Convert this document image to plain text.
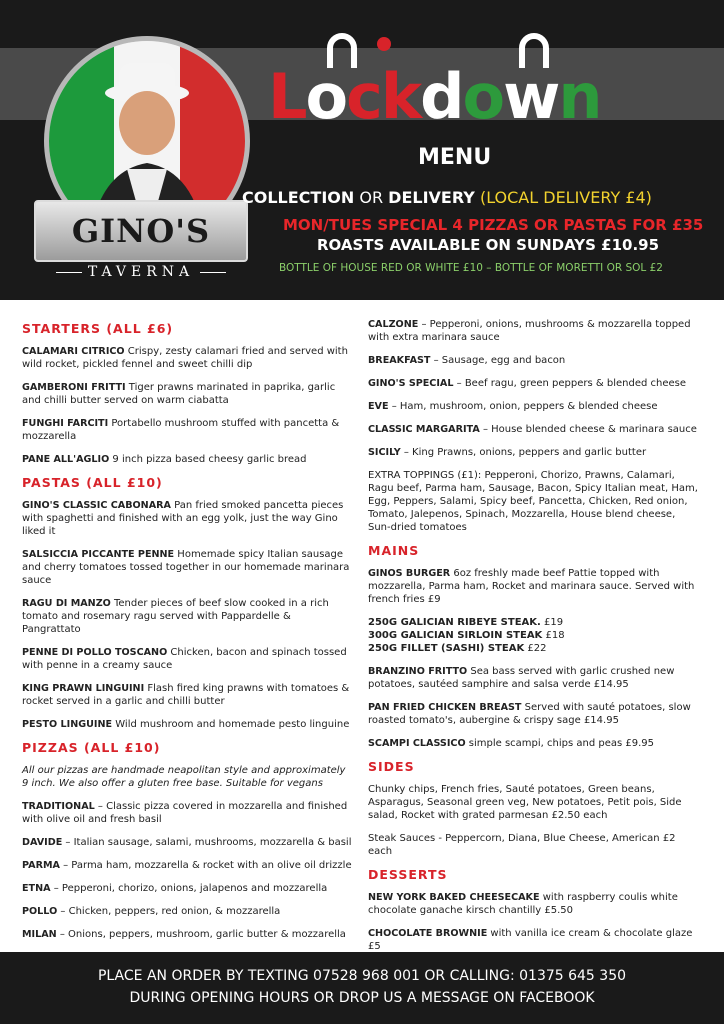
GINO'S
TAVERNA
Lockdown
MENU
COLLECTION OR DELIVERY (LOCAL DELIVERY £4)
MON/TUES SPECIAL 4 PIZZAS OR PASTAS FOR £35
ROASTS AVAILABLE ON SUNDAYS £10.95
BOTTLE OF HOUSE RED OR WHITE £10 – BOTTLE OF MORETTI OR SOL £2
STARTERS (ALL £6)
CALAMARI CITRICO Crispy, zesty calamari fried and served with wild rocket, pickled fennel and sweet chilli dip
GAMBERONI FRITTI Tiger prawns marinated in paprika, garlic and chilli butter served on warm ciabatta
FUNGHI FARCITI Portabello mushroom stuffed with pancetta & mozzarella
PANE ALL'AGLIO 9 inch pizza based cheesy garlic bread
PASTAS (ALL £10)
GINO'S CLASSIC CABONARA Pan fried smoked pancetta pieces with spaghetti and finished with an egg yolk, just the way Gino liked it
SALSICCIA PICCANTE PENNE Homemade spicy Italian sausage and cherry tomatoes tossed together in our homemade marinara sauce
RAGU DI MANZO Tender pieces of beef slow cooked in a rich tomato and rosemary ragu served with Pappardelle & Pangrattato
PENNE DI POLLO TOSCANO Chicken, bacon and spinach tossed with penne in a creamy sauce
KING PRAWN LINGUINI Flash fired king prawns with tomatoes & rocket served in a garlic and chilli butter
PESTO LINGUINE Wild mushroom and homemade pesto linguine
PIZZAS (ALL £10)
All our pizzas are handmade neapolitan style and approximately 9 inch. We also offer a gluten free base. Suitable for vegans
TRADITIONAL – Classic pizza covered in mozzarella and finished with olive oil and fresh basil
DAVIDE – Italian sausage, salami, mushrooms, mozzarella & basil
PARMA – Parma ham, mozzarella & rocket with an olive oil drizzle
ETNA – Pepperoni, chorizo, onions, jalapenos and mozzarella
POLLO – Chicken, peppers, red onion, & mozzarella
MILAN – Onions, peppers, mushroom, garlic butter & mozzarella
CALZONE – Pepperoni, onions, mushrooms & mozzarella topped with extra marinara sauce
BREAKFAST – Sausage, egg and bacon
GINO'S SPECIAL – Beef ragu, green peppers & blended cheese
EVE – Ham, mushroom, onion, peppers & blended cheese
CLASSIC MARGARITA – House blended cheese & marinara sauce
SICILY – King Prawns, onions, peppers and garlic butter
EXTRA TOPPINGS (£1): Pepperoni, Chorizo, Prawns, Calamari, Ragu beef, Parma ham, Sausage, Bacon, Spicy Italian meat, Ham, Egg, Peppers, Salami, Spicy beef, Pancetta, Chicken, Red onion, Tomato, Jalepenos, Spinach, Mozzarella, House blend cheese, Sun-dried tomatoes
MAINS
GINOS BURGER 6oz freshly made beef Pattie topped with mozzarella, Parma ham, Rocket and marinara sauce. Served with french fries £9
250G GALICIAN RIBEYE STEAK. £19
300G GALICIAN SIRLOIN STEAK £18
250G FILLET (SASHI) STEAK £22
BRANZINO FRITTO Sea bass served with garlic crushed new potatoes, sautéed samphire and salsa verde £14.95
PAN FRIED CHICKEN BREAST Served with sauté potatoes, slow roasted tomato's, aubergine & crispy sage £14.95
SCAMPI CLASSICO simple scampi, chips and peas £9.95
SIDES
Chunky chips, French fries, Sauté potatoes, Green beans, Asparagus, Seasonal green veg, New potatoes, Petit pois, Side salad, Rocket with grated parmesan £2.50 each
Steak Sauces - Peppercorn, Diana, Blue Cheese, American £2 each
DESSERTS
NEW YORK BAKED CHEESECAKE with raspberry coulis white chocolate ganache kirsch chantilly £5.50
CHOCOLATE BROWNIE with vanilla ice cream & chocolate glaze £5
PLACE AN ORDER BY TEXTING 07528 968 001 OR CALLING: 01375 645 350
DURING OPENING HOURS OR DROP US A MESSAGE ON FACEBOOK
